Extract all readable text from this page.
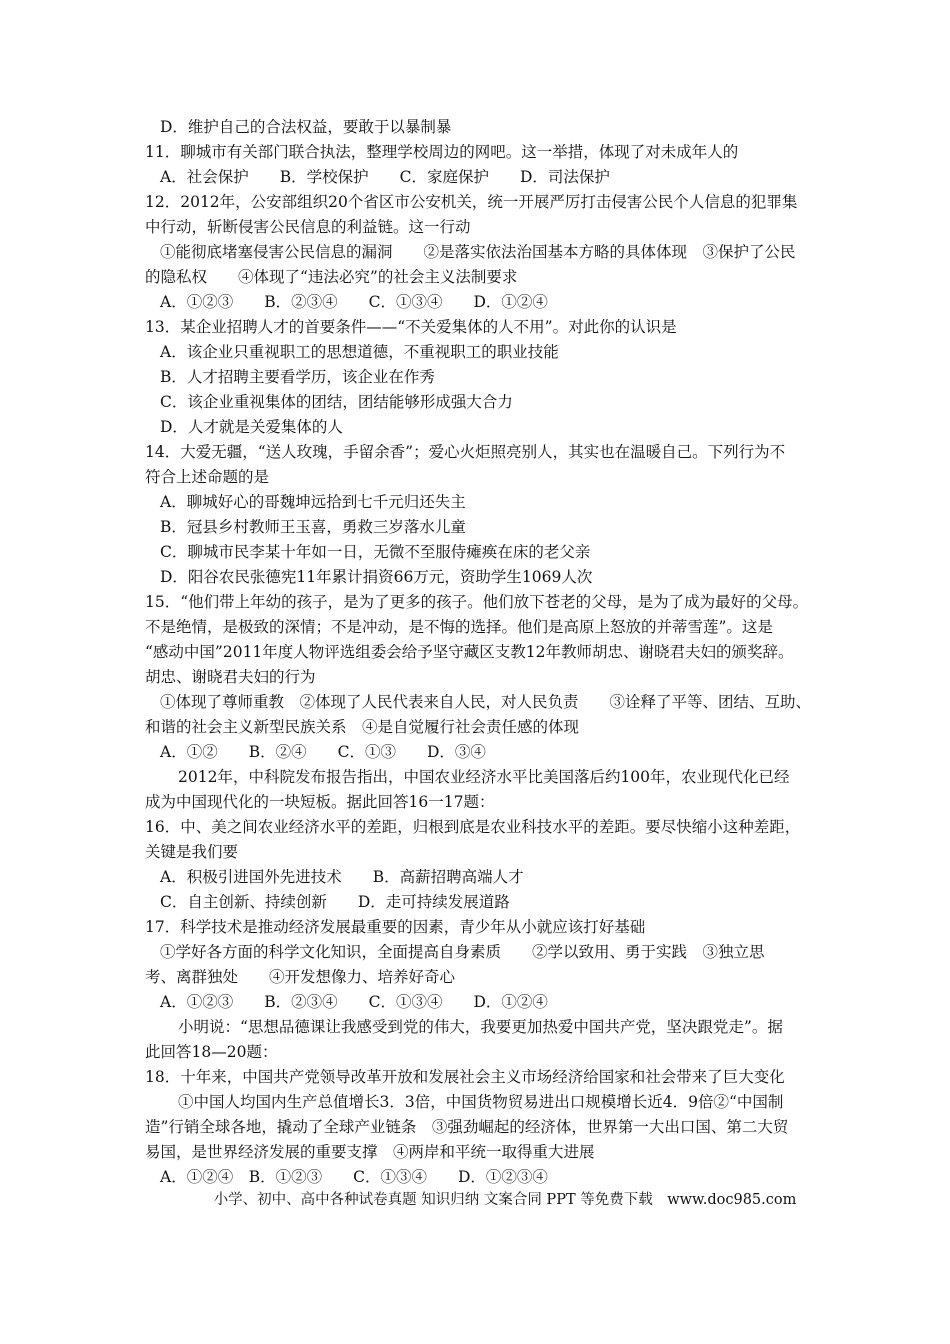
D．维护自己的合法权益，要敢于以暴制暴
11．聊城市有关部门联合执法，整理学校周边的网吧。这一举措，体现了对未成年人的
A．社会保护　　B．学校保护　　C．家庭保护　　D．司法保护
12．2012年，公安部组织20个省区市公安机关，统一开展严厉打击侵害公民个人信息的犯罪集
中行动，斩断侵害公民信息的利益链。这一行动
①能彻底堵塞侵害公民信息的漏洞　　②是落实依法治国基本方略的具体体现　③保护了公民
的隐私权　　④体现了“违法必究”的社会主义法制要求
A．①②③　　B．②③④　　C．①③④　　D．①②④
13．某企业招聘人才的首要条件——“不关爱集体的人不用”。对此你的认识是
A．该企业只重视职工的思想道德，不重视职工的职业技能
B．人才招聘主要看学历，该企业在作秀
C．该企业重视集体的团结，团结能够形成强大合力
D．人才就是关爱集体的人
14．大爱无疆，“送人玫瑰，手留余香”；爱心火炬照亮别人，其实也在温暖自己。下列行为不
符合上述命题的是
A．聊城好心的哥魏坤远拾到七千元归还失主
B．冠县乡村教师王玉喜，勇救三岁落水儿童
C．聊城市民李某十年如一日，无微不至服侍瘫痪在床的老父亲
D．阳谷农民张德宪11年累计捐资66万元，资助学生1069人次
15．“他们带上年幼的孩子，是为了更多的孩子。他们放下苍老的父母，是为了成为最好的父母。
不是绝情，是极致的深情；不是冲动，是不悔的选择。他们是高原上怒放的并蒂雪莲”。这是
“感动中国”2011年度人物评选组委会给予坚守藏区支教12年教师胡忠、谢晓君夫妇的颁奖辞。
胡忠、谢晓君夫妇的行为
①体现了尊师重教　②体现了人民代表来自人民，对人民负责　　③诠释了平等、团结、互助、
和谐的社会主义新型民族关系　④是自觉履行社会责任感的体现
A．①②　　B．②④　　C．①③　　D．③④
2012年，中科院发布报告指出，中国农业经济水平比美国落后约100年，农业现代化已经
成为中国现代化的一块短板。据此回答16一17题：
16．中、美之间农业经济水平的差距，归根到底是农业科技水平的差距。要尽快缩小这种差距，
关键是我们要
A．积极引进国外先进技术　　B．高薪招聘高端人才
C．自主创新、持续创新　　D．走可持续发展道路
17．科学技术是推动经济发展最重要的因素，青少年从小就应该打好基础
①学好各方面的科学文化知识，全面提高自身素质　　②学以致用、勇于实践　③独立思
考、离群独处　　④开发想像力、培养好奇心
A．①②③　　B．②③④　　C．①③④　　D．①②④
小明说：“思想品德课让我感受到党的伟大，我要更加热爱中国共产党，坚决跟党走”。据
此回答18—20题：
18．十年来，中国共产党领导改革开放和发展社会主义市场经济给国家和社会带来了巨大变化
①中国人均国内生产总值增长3．3倍，中国货物贸易进出口规模增长近4．9倍②“中国制
造”行销全球各地，撬动了全球产业链条　③强劲崛起的经济体，世界第一大出口国、第二大贸
易国，是世界经济发展的重要支撑　④两岸和平统一取得重大进展
A．①②④　B．①②③　　C．①③④　　D．①②③④
小学、初中、高中各种试卷真题 知识归纳 文案合同 PPT 等免费下载　www.doc985.com
